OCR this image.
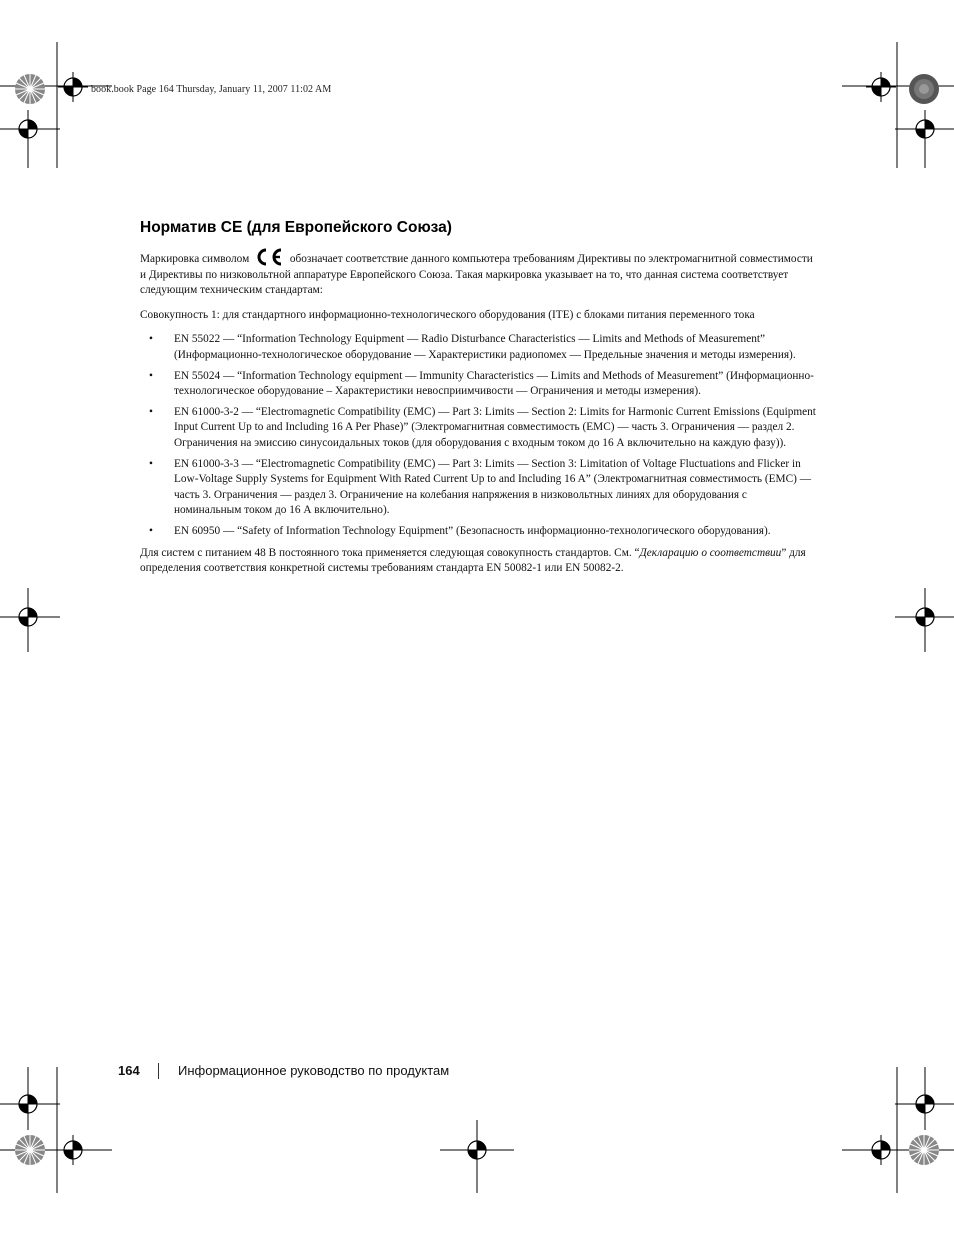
book.book Page 164 Thursday, January 11, 2007 11:02 AM
Норматив CE (для Европейского Союза)

Маркировка символом	обозначает соответствие данного компьютера требованиям Директивы по электромагнитной совместимости и Директивы по низковольтной аппаратуре Европейского Союза. Такая маркировка указывает на то, что данная система соответствует следующим техническим стандартам:

Совокупность 1: для стандартного информационно-технологического оборудования (ITE) с блоками питания переменного тока

• EN 55022 — “Information Technology Equipment — Radio Disturbance Characteristics — Limits and Methods of Measurement” (Информационно-технологическое оборудование — Характеристики радиопомех — Предельные значения и методы измерения).
• EN 55024 — “Information Technology equipment — Immunity Characteristics — Limits and Methods of Measurement” (Информационно-технологическое оборудование – Характеристики невосприимчивости — Ограничения и методы измерения).
• EN 61000-3-2 — “Electromagnetic Compatibility (EMC) — Part 3: Limits — Section 2: Limits for Harmonic Current Emissions (Equipment Input Current Up to and Including 16 A Per Phase)” (Электромагнитная совместимость (EMC) — часть 3. Ограничения — раздел 2. Ограничения на эмиссию синусоидальных токов (для оборудования с входным током до 16 А включительно на каждую фазу)).
• EN 61000-3-3 — “Electromagnetic Compatibility (EMC) — Part 3: Limits — Section 3: Limitation of Voltage Fluctuations and Flicker in Low-Voltage Supply Systems for Equipment With Rated Current Up to and Including 16 A” (Электромагнитная совместимость (EMC) — часть 3. Ограничения — раздел 3. Ограничение на колебания напряжения в низковольтных линиях для оборудования с номинальным током до 16 А включительно).
• EN 60950 — “Safety of Information Technology Equipment” (Безопасность информационно-технологического оборудования).

Для систем с питанием 48 В постоянного тока применяется следующая совокупность стандартов. См. “Декларацию о соответствии” для определения соответствия конкретной системы требованиям стандарта EN 50082-1 или EN 50082-2.

164	Информационное руководство по продуктам
